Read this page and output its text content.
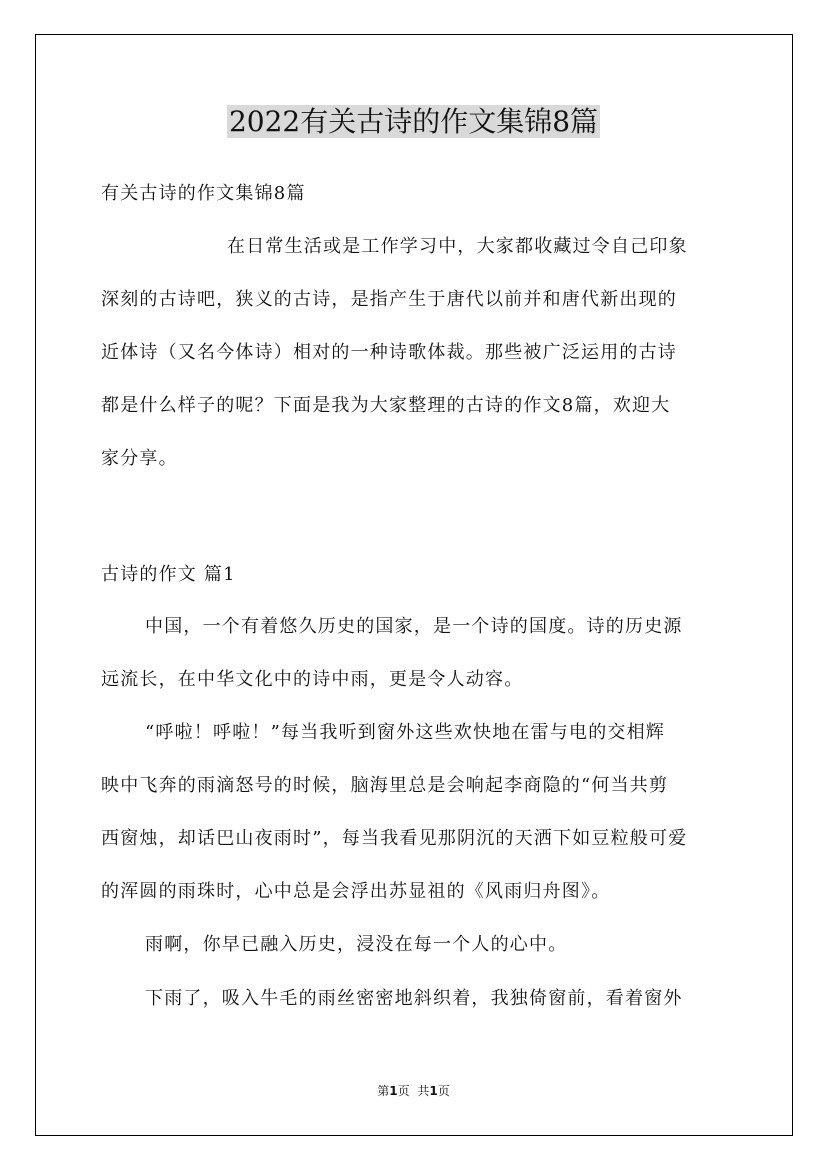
2022有关古诗的作文集锦8篇

有关古诗的作文集锦8篇

在日常生活或是工作学习中，大家都收藏过令自己印象
深刻的古诗吧，狭义的古诗，是指产生于唐代以前并和唐代新出现的
近体诗（又名今体诗）相对的一种诗歌体裁。那些被广泛运用的古诗
都是什么样子的呢？下面是我为大家整理的古诗的作文8篇，欢迎大
家分享。

古诗的作文 篇1

中国，一个有着悠久历史的国家，是一个诗的国度。诗的历史源
远流长，在中华文化中的诗中雨，更是令人动容。
“呼啦！呼啦！”每当我听到窗外这些欢快地在雷与电的交相辉
映中飞奔的雨滴怒号的时候，脑海里总是会响起李商隐的“何当共剪
西窗烛，却话巴山夜雨时”，每当我看见那阴沉的天洒下如豆粒般可爱
的浑圆的雨珠时，心中总是会浮出苏显祖的《风雨归舟图》。
雨啊，你早已融入历史，浸没在每一个人的心中。
下雨了，吸入牛毛的雨丝密密地斜织着，我独倚窗前，看着窗外
第1页 共1页
